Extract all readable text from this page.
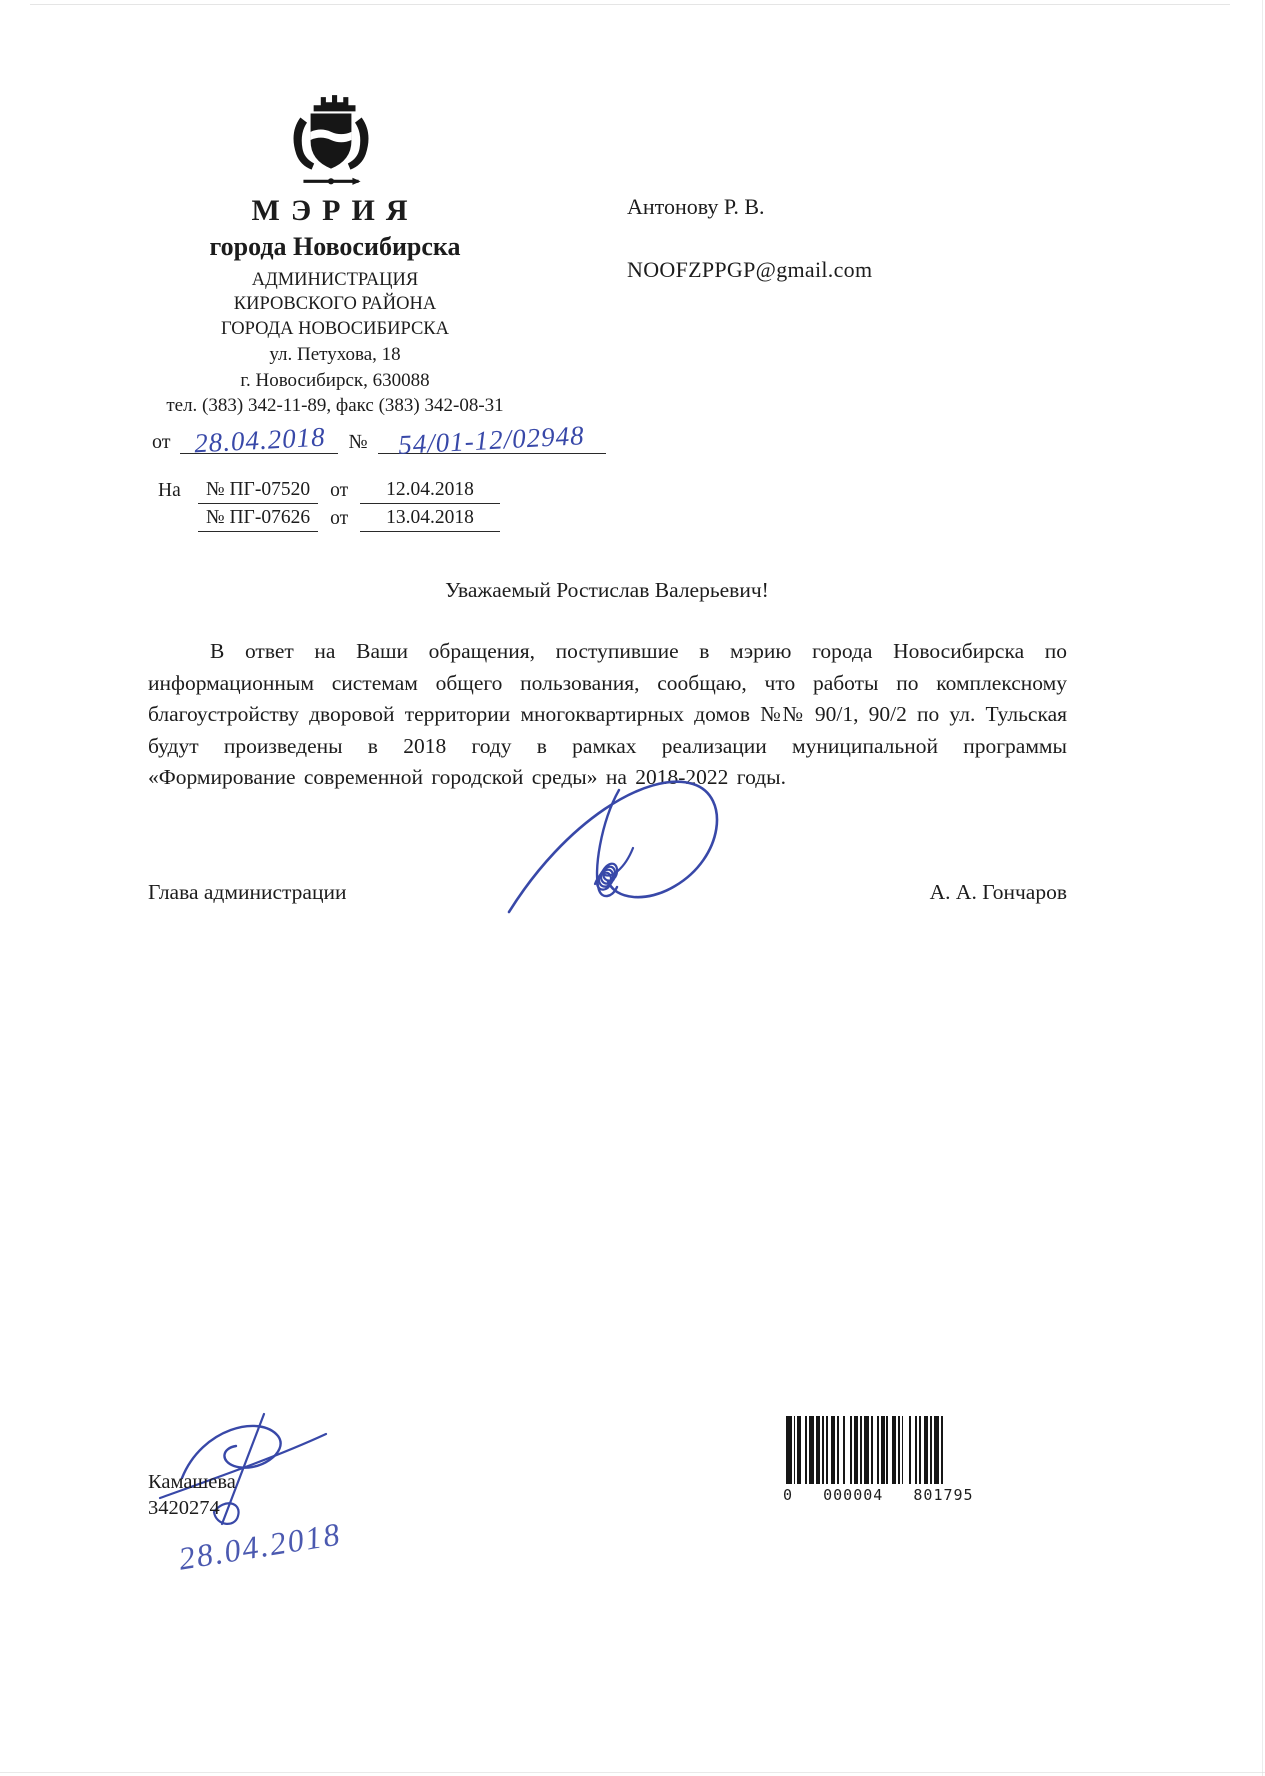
МЭРИЯ
города Новосибирска
АДМИНИСТРАЦИЯ
КИРОВСКОГО РАЙОНА
ГОРОДА НОВОСИБИРСКА
ул. Петухова, 18
г. Новосибирск, 630088
тел. (383) 342-11-89, факс (383) 342-08-31
от 28.04.2018	№	54/01-12/02948
На	№ ПГ-07520	от	12.04.2018
№ ПГ-07626	от	13.04.2018
Антонову Р. В.
NOOFZPPGP@gmail.com
Уважаемый Ростислав Валерьевич!
В ответ на Ваши обращения, поступившие в мэрию города Новосибирска по информационным системам общего пользования, сообщаю, что работы по комплексному благоустройству дворовой территории многоквартирных домов №№ 90/1, 90/2 по ул. Тульская будут произведены в 2018 году в рамках реализации муниципальной программы «Формирование современной городской среды» на 2018-2022 годы.
Глава администрации	А. А. Гончаров
Камашева
3420274
28.04.2018
0   000004   801795
